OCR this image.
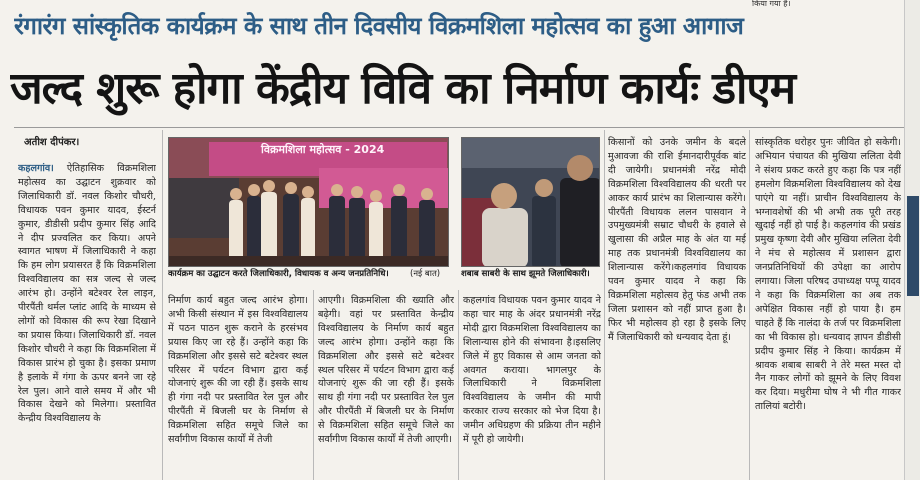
किया गया है।
रंगारंग सांस्कृतिक कार्यक्रम के साथ तीन दिवसीय विक्रमशिला महोत्सव का हुआ आगाज
जल्द शुरू होगा केंद्रीय विवि का निर्माण कार्यः डीएम
अतीश दीपंकर।

कहलगांव। ऐतिहासिक विक्रमशिला महोत्सव का उद्घाटन शुक्रवार को जिलाधिकारी डॉ. नवल किशोर चौधरी, विधायक पवन कुमार यादव, ईस्टर्न कुमार, डीडीसी प्रदीप कुमार सिंह आदि ने दीप प्रज्वलित कर किया। अपने स्वागत भाषण में जिलाधिकारी ने कहा कि हम लोग प्रयासरत हैं कि विक्रमशिला विश्वविद्यालय का सत्र जल्द से जल्द आरंभ हो। उन्होंने बटेश्वर रेल लाइन, पीरपैंती थर्मल प्लांट आदि के माध्यम से लोगों को विकास की रूप रेखा दिखाने का प्रयास किया। जिलाधिकारी डॉ. नवल किशोर चौधरी ने कहा कि विक्रमशिला में विकास प्रारंभ हो चुका है। इसका प्रमाण है इलाके में गंगा के ऊपर बनने जा रहे रेल पुल। आने वाले समय में और भी विकास देखने को मिलेगा। प्रस्तावित केन्द्रीय विश्वविद्यालय के

विक्रमशिला महोत्सव - 2024
कार्यक्रम का उद्घाटन करते जिलाधिकारी, विधायक व अन्य जनप्रतिनिधि।	(नई बात)	शबाब साबरी के साथ झूमते जिलाधिकारी।
निर्माण कार्य बहुत जल्द आरंभ होगा। अभी किसी संस्थान में इस विश्वविद्यालय में पठन पाठन शुरू कराने के हरसंभव प्रयास किए जा रहे हैं। उन्होंने कहा कि विक्रमशिला और इससे सटे बटेश्वर स्थल परिसर में पर्यटन विभाग द्वारा कई योजनाएं शुरू की जा रही हैं। इसके साथ ही गंगा नदी पर प्रस्तावित रेल पुल और पीरपैंती में बिजली घर के निर्माण से विक्रमशिला सहित समूचे जिले का सर्वांगीण विकास कार्यों में तेजी
आएगी। विक्रमशिला की ख्याति और बढ़ेगी। वहां पर प्रस्तावित केन्द्रीय विश्वविद्यालय के निर्माण कार्य बहुत जल्द आरंभ होगा। उन्होंने कहा कि विक्रमशिला और इससे सटे बटेश्वर स्थल परिसर में पर्यटन विभाग द्वारा कई योजनाएं शुरू की जा रही हैं। इसके साथ ही गंगा नदी पर प्रस्तावित रेल पुल और पीरपैंती में बिजली घर के निर्माण से विक्रमशिला सहित समूचे जिले का सर्वांगीण विकास कार्यों में तेजी आएगी।
किसानों को उनके जमीन के बदले मुआवजा की राशि ईमानदारीपूर्वक बांट दी जायेगी। प्रधानमंत्री नरेंद्र मोदी विक्रमशिला विश्वविद्यालय की धरती पर आकर कार्य प्रारंभ का शिलान्यास करेंगे। पीरपैंती विधायक ललन पासवान ने उपमुख्यमंत्री सम्राट चौधरी के हवाले से खुलासा की अप्रैल माह के अंत या मई माह तक प्रधानमंत्री विश्वविद्यालय का शिलान्यास करेंगे।कहलगांव विधायक पवन कुमार यादव ने कहा कि विक्रमशिला महोत्सव हेतु फंड अभी तक जिला प्रशासन को नहीं प्राप्त हुआ है।फिर भी महोत्सव हो रहा है इसके लिए मैं जिलाधिकारी को धन्यवाद देता हूं।
कहलगांव विधायक पवन कुमार यादव ने कहा चार माह के अंदर प्रधानमंत्री नरेंद्र मोदी द्वारा विक्रमशिला विश्वविद्यालय का शिलान्यास होने की संभावना है।इसलिए जिले में हुए विकास से आम जनता को अवगत कराया। भागलपुर के जिलाधिकारी ने विक्रमशिला विश्वविद्यालय के जमीन की मापी करकार राज्य सरकार को भेज दिया है। जमीन अधिग्रहण की प्रक्रिया तीन महीने में पूरी हो जायेगी।
सांस्कृतिक धरोहर पुनः जीवित हो सकेगी।अभियान पंचायत की मुखिया ललिता देवी ने संशय प्रकट करते हुए कहा कि पत्र नहीं हमलोग विक्रमशिला विश्वविद्यालय को देख पाएंगे या नहीं। प्राचीन विश्वविद्यालय के भग्नावशेषों की भी अभी तक पूरी तरह खुदाई नहीं हो पाई है। कहलगांव की प्रखंड प्रमुख कृष्णा देवी और मुखिया ललिता देवी ने मंच से महोत्सव में प्रशासन द्वारा जनप्रतिनिधियों की उपेक्षा का आरोप लगाया। जिला परिषद उपाध्यक्ष पप्पू यादव ने कहा कि विक्रमशिला का अब तक अपेक्षित विकास नहीं हो पाया है। हम चाहते हैं कि नालंदा के तर्ज पर विक्रमशिला का भी विकास हो। धन्यवाद ज्ञापन डीडीसी प्रदीप कुमार सिंह ने किया। कार्यक्रम में श्रावक शबाब साबरी ने तेरे मस्त मस्त दो नैन गाकर लोगों को झूमने के लिए विवश कर दिया। मधुरीमा घोष ने भी गीत गाकर तालियां बटोरी।
